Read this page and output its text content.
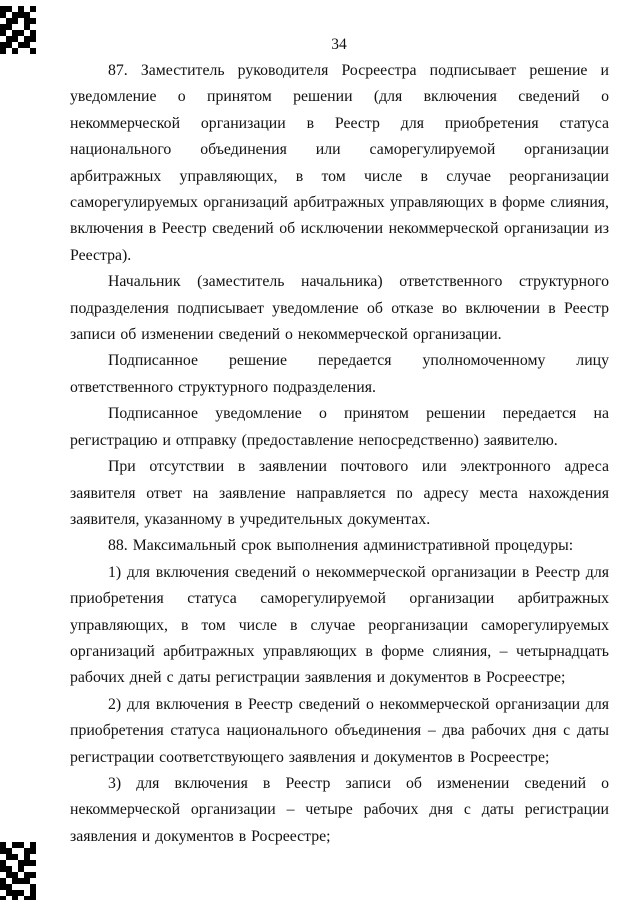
34

87. Заместитель руководителя Росреестра подписывает решение и уведомление о принятом решении (для включения сведений о некоммерческой организации в Реестр для приобретения статуса национального объединения или саморегулируемой организации арбитражных управляющих, в том числе в случае реорганизации саморегулируемых организаций арбитражных управляющих в форме слияния, включения в Реестр сведений об исключении некоммерческой организации из Реестра).

Начальник (заместитель начальника) ответственного структурного подразделения подписывает уведомление об отказе во включении в Реестр записи об изменении сведений о некоммерческой организации.

Подписанное решение передается уполномоченному лицу ответственного структурного подразделения.

Подписанное уведомление о принятом решении передается на регистрацию и отправку (предоставление непосредственно) заявителю.

При отсутствии в заявлении почтового или электронного адреса заявителя ответ на заявление направляется по адресу места нахождения заявителя, указанному в учредительных документах.

88. Максимальный срок выполнения административной процедуры:

1) для включения сведений о некоммерческой организации в Реестр для приобретения статуса саморегулируемой организации арбитражных управляющих, в том числе в случае реорганизации саморегулируемых организаций арбитражных управляющих в форме слияния, – четырнадцать рабочих дней с даты регистрации заявления и документов в Росреестре;

2) для включения в Реестр сведений о некоммерческой организации для приобретения статуса национального объединения – два рабочих дня с даты регистрации соответствующего заявления и документов в Росреестре;

3) для включения в Реестр записи об изменении сведений о некоммерческой организации – четыре рабочих дня с даты регистрации заявления и документов в Росреестре;
